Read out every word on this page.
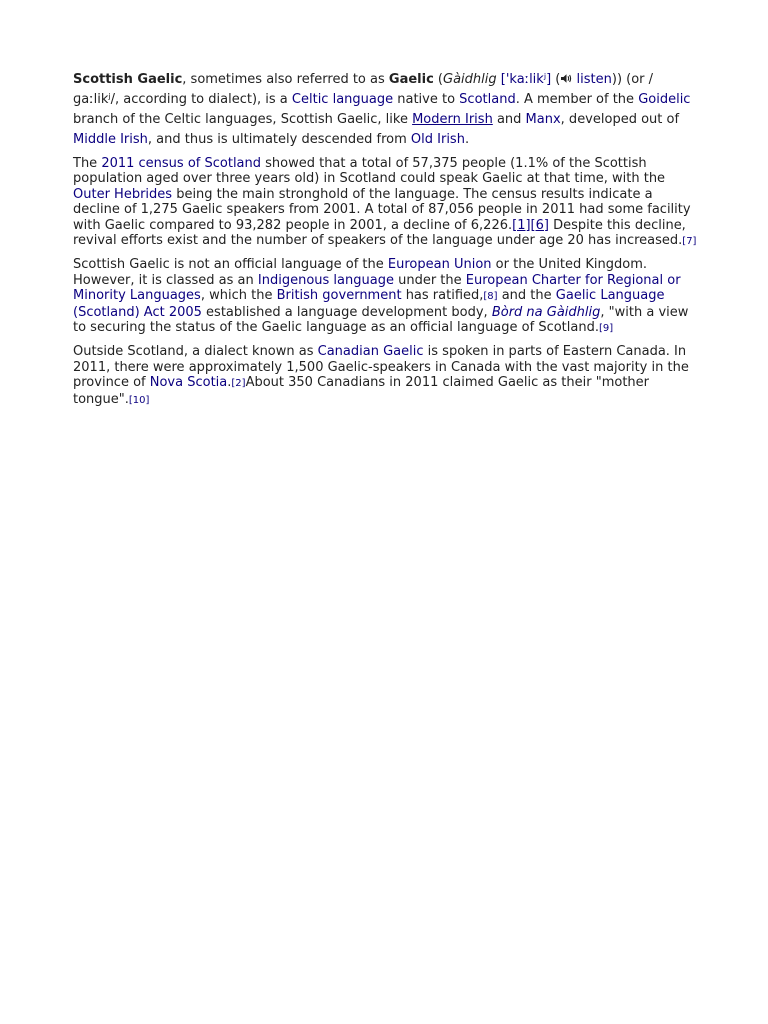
Scottish Gaelic, sometimes also referred to as Gaelic (Gàidhlig ['kaːlikʲ] ( listen)) (or /ɡaːlikʲ/, according to dialect), is a Celtic language native to Scotland. A member of the Goidelic branch of the Celtic languages, Scottish Gaelic, like Modern Irish and Manx, developed out of Middle Irish, and thus is ultimately descended from Old Irish.

The 2011 census of Scotland showed that a total of 57,375 people (1.1% of the Scottish population aged over three years old) in Scotland could speak Gaelic at that time, with the Outer Hebrides being the main stronghold of the language. The census results indicate a decline of 1,275 Gaelic speakers from 2001. A total of 87,056 people in 2011 had some facility with Gaelic compared to 93,282 people in 2001, a decline of 6,226.[1][6] Despite this decline, revival efforts exist and the number of speakers of the language under age 20 has increased.[7]

Scottish Gaelic is not an official language of the European Union or the United Kingdom. However, it is classed as an Indigenous language under the European Charter for Regional or Minority Languages, which the British government has ratified,[8] and the Gaelic Language (Scotland) Act 2005 established a language development body, Bòrd na Gàidhlig, "with a view to securing the status of the Gaelic language as an official language of Scotland.[9]

Outside Scotland, a dialect known as Canadian Gaelic is spoken in parts of Eastern Canada. In 2011, there were approximately 1,500 Gaelic-speakers in Canada with the vast majority in the province of Nova Scotia.[2]About 350 Canadians in 2011 claimed Gaelic as their "mother tongue".[10]
